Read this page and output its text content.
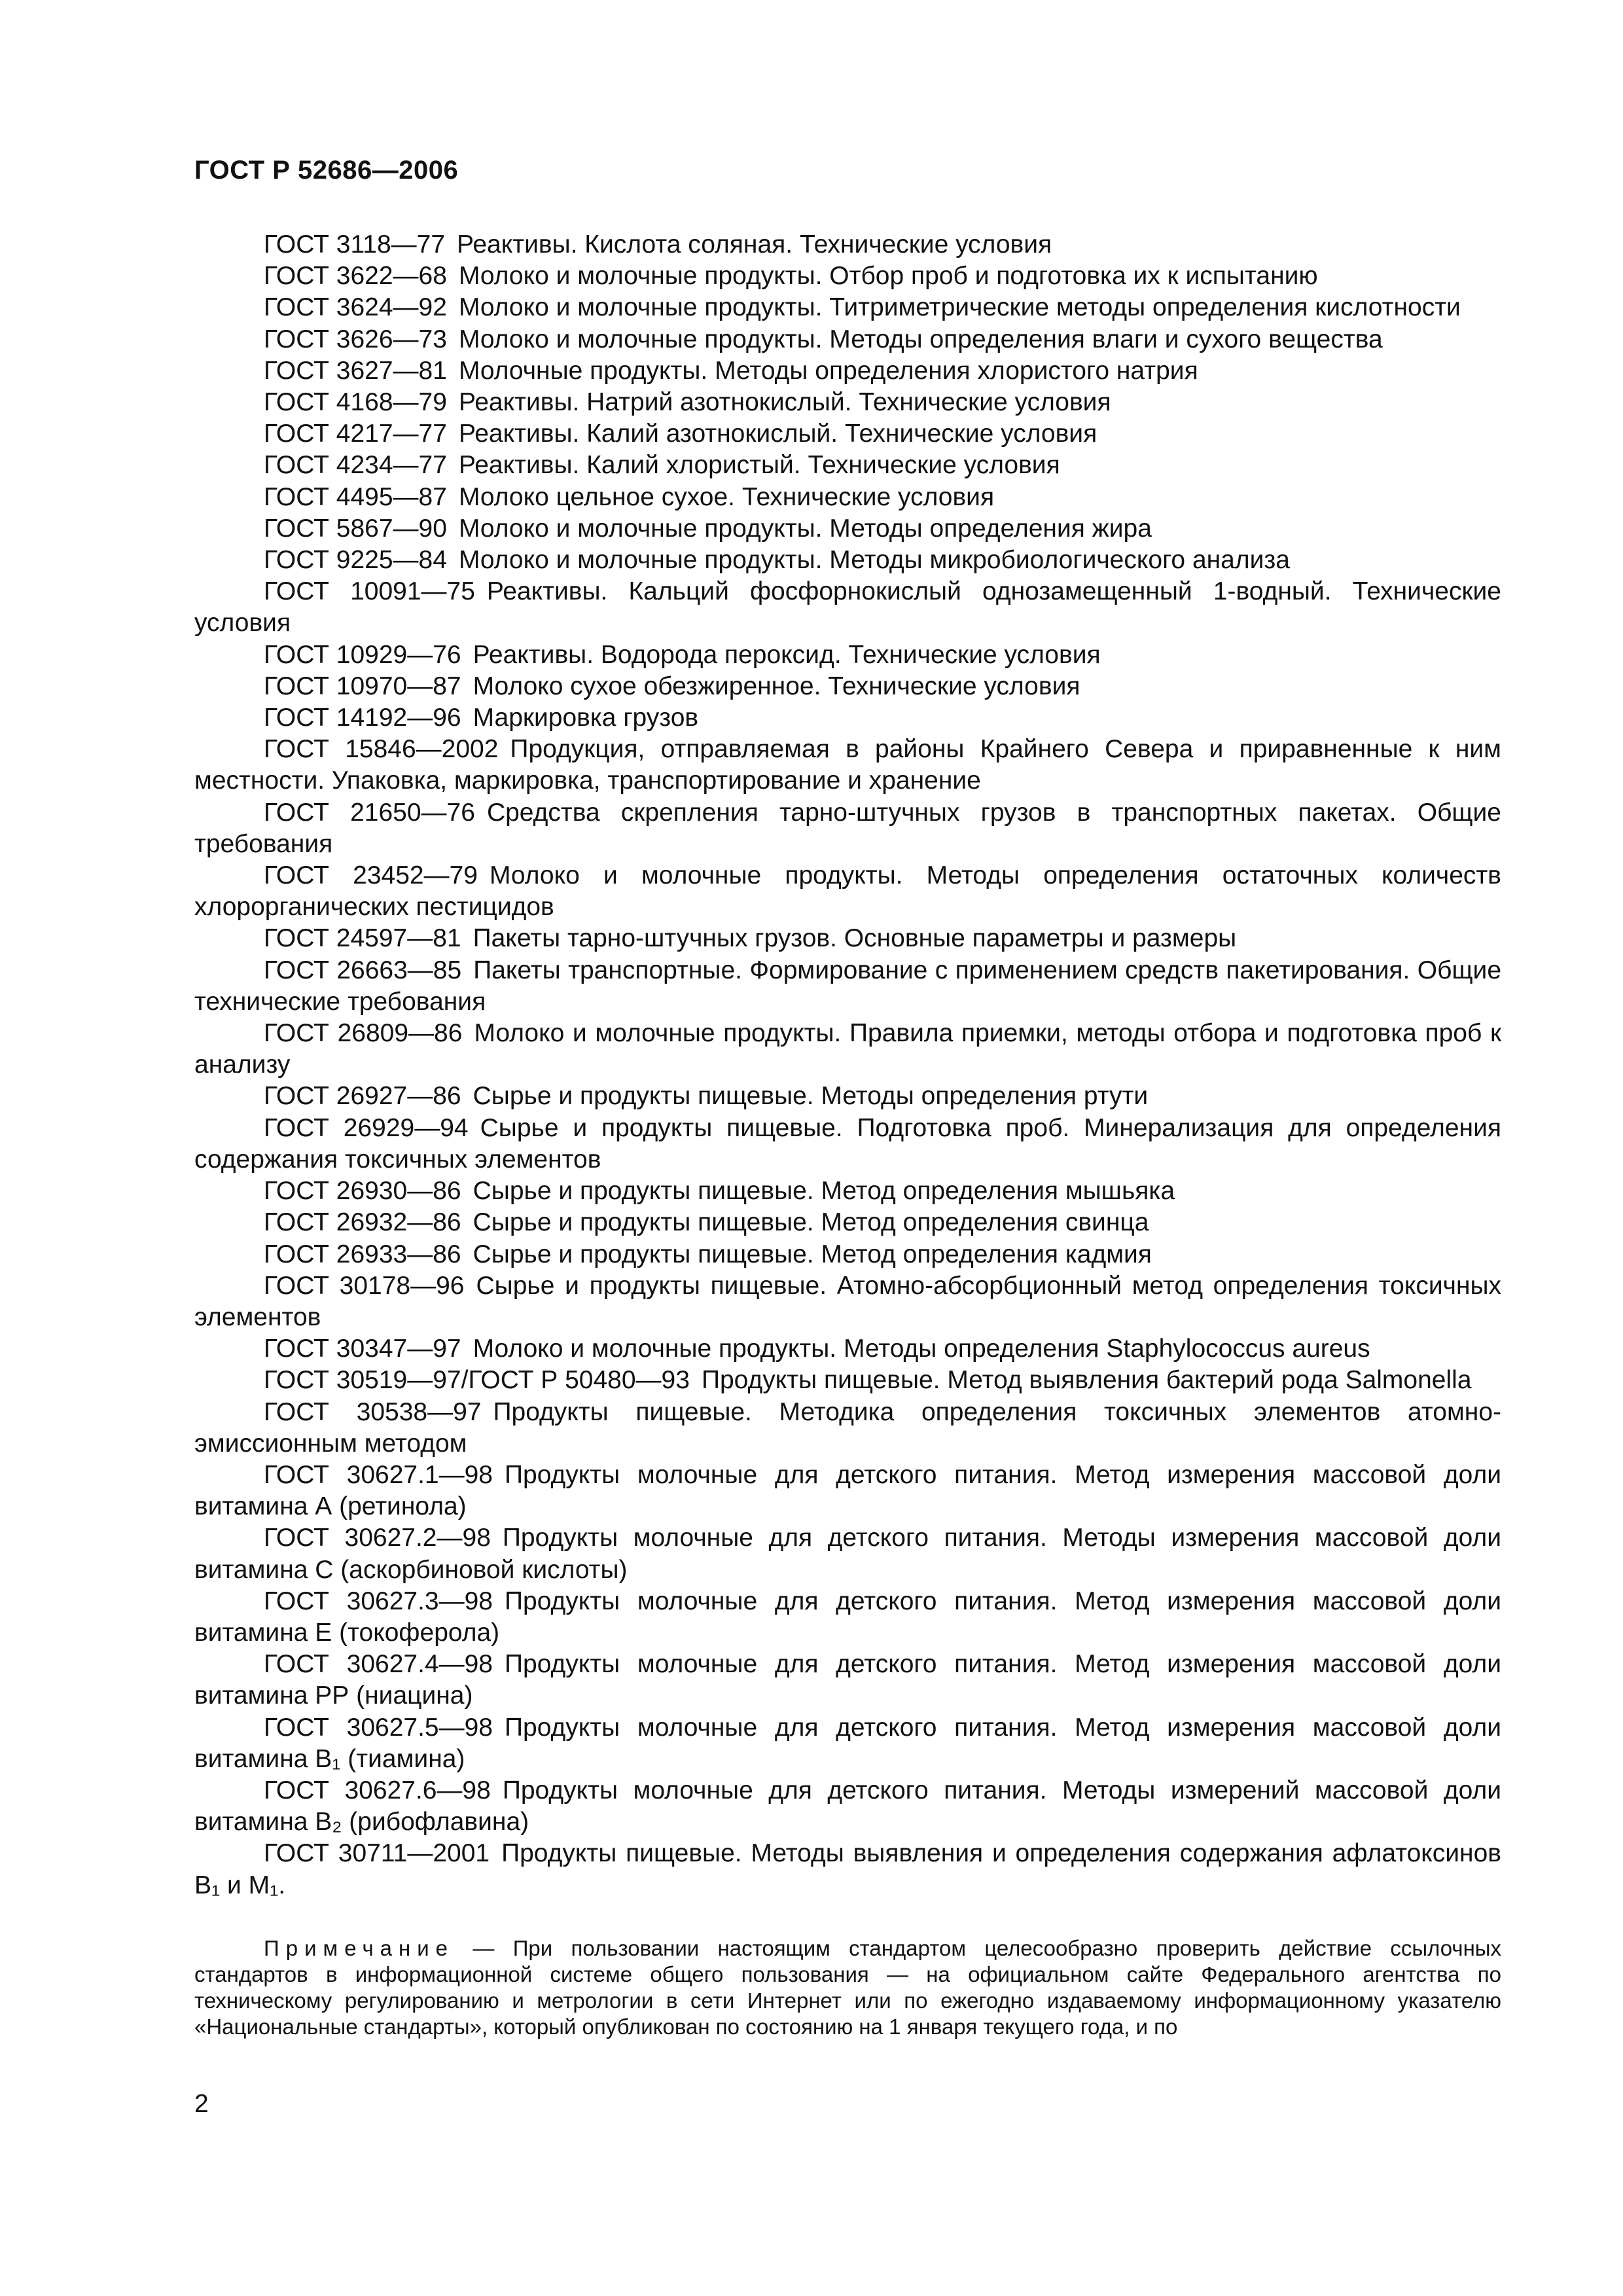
ГОСТ Р 52686—2006

ГОСТ 3118—77 Реактивы. Кислота соляная. Технические условия

ГОСТ 3622—68 Молоко и молочные продукты. Отбор проб и подготовка их к испытанию

ГОСТ 3624—92 Молоко и молочные продукты. Титриметрические методы определения кислотности

ГОСТ 3626—73 Молоко и молочные продукты. Методы определения влаги и сухого вещества

ГОСТ 3627—81 Молочные продукты. Методы определения хлористого натрия

ГОСТ 4168—79 Реактивы. Натрий азотнокислый. Технические условия

ГОСТ 4217—77 Реактивы. Калий азотнокислый. Технические условия

ГОСТ 4234—77 Реактивы. Калий хлористый. Технические условия

ГОСТ 4495—87 Молоко цельное сухое. Технические условия

ГОСТ 5867—90 Молоко и молочные продукты. Методы определения жира

ГОСТ 9225—84 Молоко и молочные продукты. Методы микробиологического анализа

ГОСТ 10091—75 Реактивы. Кальций фосфорнокислый однозамещенный 1-водный. Технические условия

ГОСТ 10929—76 Реактивы. Водорода пероксид. Технические условия

ГОСТ 10970—87 Молоко сухое обезжиренное. Технические условия

ГОСТ 14192—96 Маркировка грузов

ГОСТ 15846—2002 Продукция, отправляемая в районы Крайнего Севера и приравненные к ним местности. Упаковка, маркировка, транспортирование и хранение

ГОСТ 21650—76 Средства скрепления тарно-штучных грузов в транспортных пакетах. Общие требования

ГОСТ 23452—79 Молоко и молочные продукты. Методы определения остаточных количеств хлорорганических пестицидов

ГОСТ 24597—81 Пакеты тарно-штучных грузов. Основные параметры и размеры

ГОСТ 26663—85 Пакеты транспортные. Формирование с применением средств пакетирования. Общие технические требования

ГОСТ 26809—86 Молоко и молочные продукты. Правила приемки, методы отбора и подготовка проб к анализу

ГОСТ 26927—86 Сырье и продукты пищевые. Методы определения ртути

ГОСТ 26929—94 Сырье и продукты пищевые. Подготовка проб. Минерализация для определения содержания токсичных элементов

ГОСТ 26930—86 Сырье и продукты пищевые. Метод определения мышьяка

ГОСТ 26932—86 Сырье и продукты пищевые. Метод определения свинца

ГОСТ 26933—86 Сырье и продукты пищевые. Метод определения кадмия

ГОСТ 30178—96 Сырье и продукты пищевые. Атомно-абсорбционный метод определения токсичных элементов

ГОСТ 30347—97 Молоко и молочные продукты. Методы определения Staphylococcus aureus

ГОСТ 30519—97/ГОСТ Р 50480—93 Продукты пищевые. Метод выявления бактерий рода Salmonella

ГОСТ 30538—97 Продукты пищевые. Методика определения токсичных элементов атомно-эмиссионным методом

ГОСТ 30627.1—98 Продукты молочные для детского питания. Метод измерения массовой доли витамина А (ретинола)

ГОСТ 30627.2—98 Продукты молочные для детского питания. Методы измерения массовой доли витамина С (аскорбиновой кислоты)

ГОСТ 30627.3—98 Продукты молочные для детского питания. Метод измерения массовой доли витамина Е (токоферола)

ГОСТ 30627.4—98 Продукты молочные для детского питания. Метод измерения массовой доли витамина РР (ниацина)

ГОСТ 30627.5—98 Продукты молочные для детского питания. Метод измерения массовой доли витамина В₁ (тиамина)

ГОСТ 30627.6—98 Продукты молочные для детского питания. Методы измерений массовой доли витамина В₂ (рибофлавина)

ГОСТ 30711—2001 Продукты пищевые. Методы выявления и определения содержания афлатоксинов В₁ и М₁.

Примечание — При пользовании настоящим стандартом целесообразно проверить действие ссылочных стандартов в информационной системе общего пользования — на официальном сайте Федерального агентства по техническому регулированию и метрологии в сети Интернет или по ежегодно издаваемому информационному указателю «Национальные стандарты», который опубликован по состоянию на 1 января текущего года, и по

2
